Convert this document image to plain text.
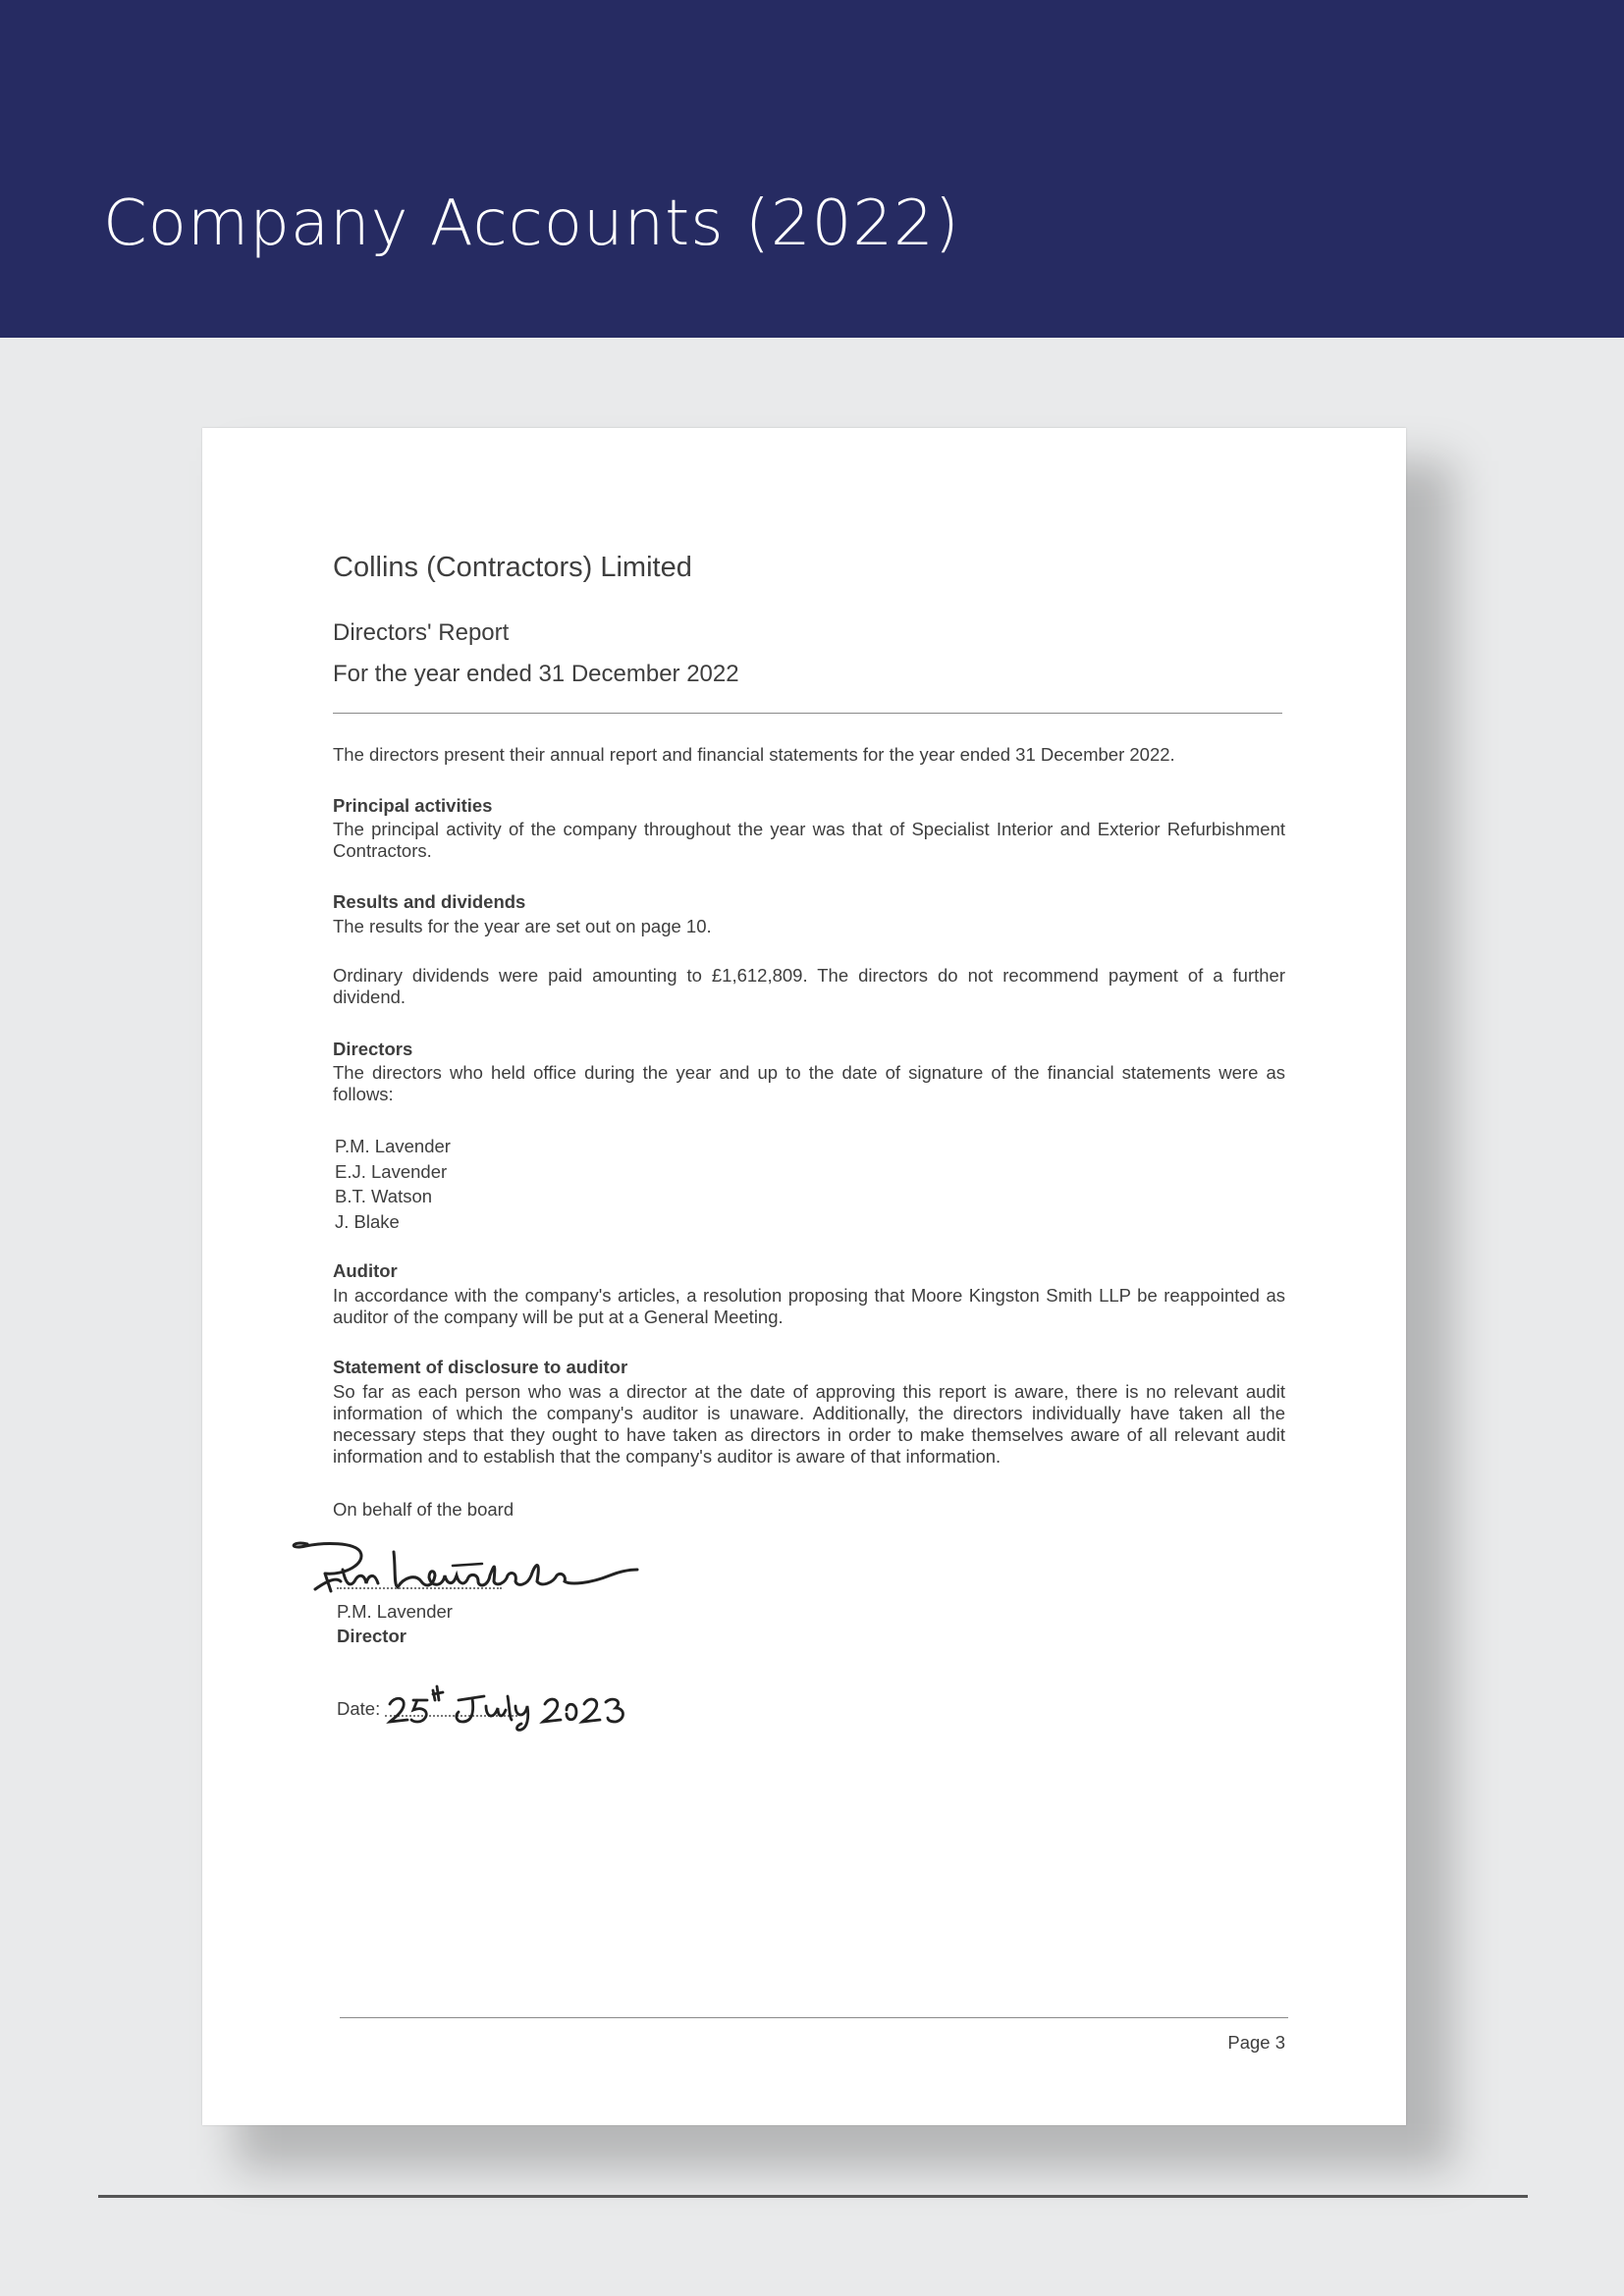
Company Accounts (2022)
Collins (Contractors) Limited
Directors' Report
For the year ended 31 December 2022

The directors present their annual report and financial statements for the year ended 31 December 2022.

Principal activities

The principal activity of the company throughout the year was that of Specialist Interior and Exterior Refurbishment Contractors.

Results and dividends

The results for the year are set out on page 10.

Ordinary dividends were paid amounting to £1,612,809. The directors do not recommend payment of a further dividend.

Directors

The directors who held office during the year and up to the date of signature of the financial statements were as follows:

P.M. Lavender
E.J. Lavender
B.T. Watson
J. Blake

Auditor

In accordance with the company's articles, a resolution proposing that Moore Kingston Smith LLP be reappointed as auditor of the company will be put at a General Meeting.

Statement of disclosure to auditor

So far as each person who was a director at the date of approving this report is aware, there is no relevant audit information of which the company's auditor is unaware. Additionally, the directors individually have taken all the necessary steps that they ought to have taken as directors in order to make themselves aware of all relevant audit information and to establish that the company's auditor is aware of that information.

On behalf of the board

P.M. Lavender

Director

Date:

Page 3
